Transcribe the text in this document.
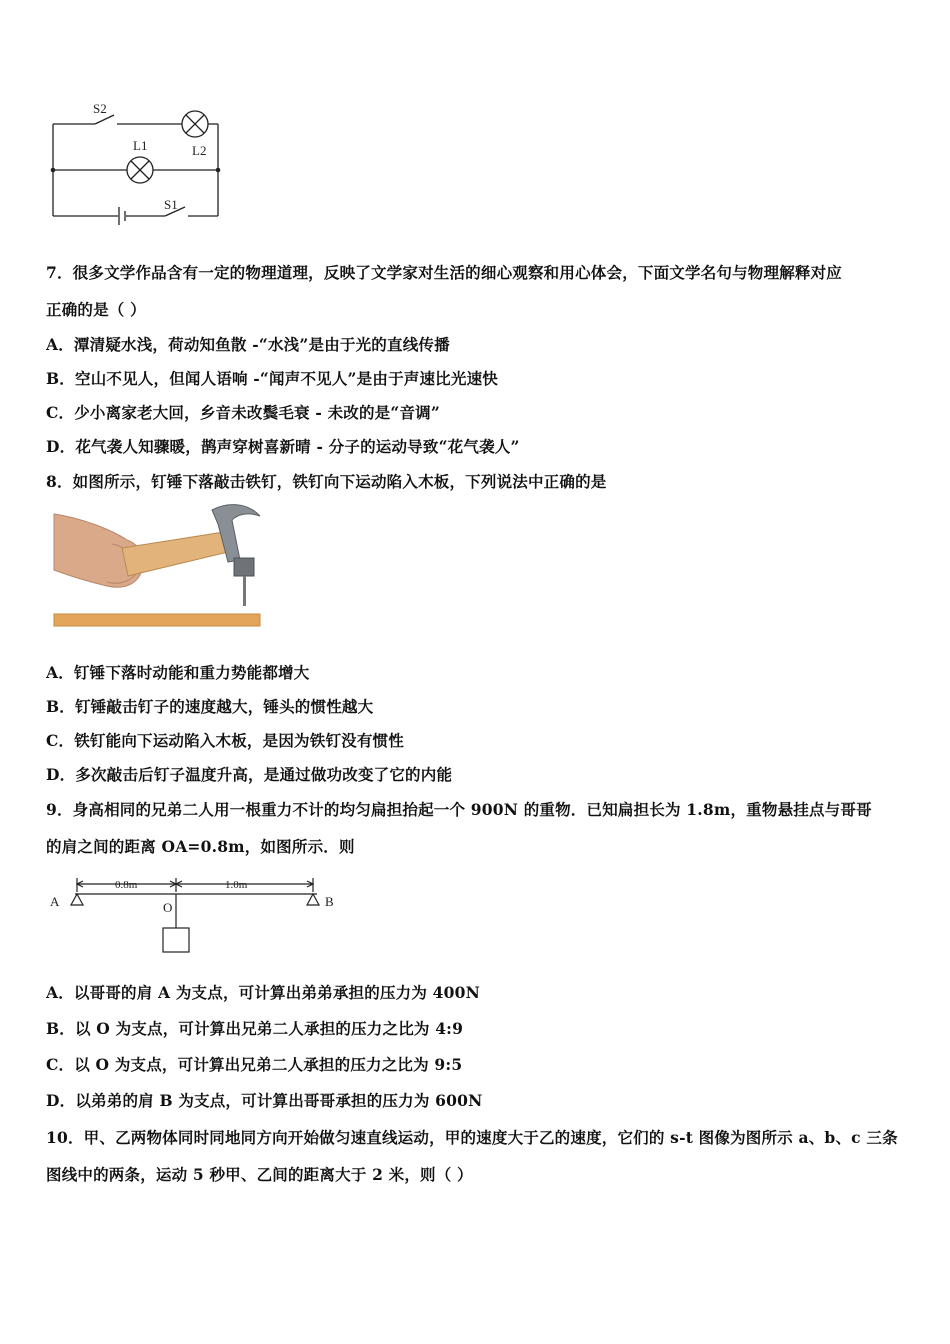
S2
S1
L1	L2
7．很多文学作品含有一定的物理道理，反映了文学家对生活的细心观察和用心体会，下面文学名句与物理解释对应
正确的是（ ）
A．潭清疑水浅，荷动知鱼散 -“水浅”是由于光的直线传播
B．空山不见人，但闻人语响 -“闻声不见人”是由于声速比光速快
C．少小离家老大回，乡音未改鬓毛衰 - 未改的是“音调”
D．花气袭人知骤暖，鹊声穿树喜新晴 - 分子的运动导致“花气袭人”
8．如图所示，钉锤下落敲击铁钉，铁钉向下运动陷入木板，下列说法中正确的是
A．钉锤下落时动能和重力势能都增大
B．钉锤敲击钉子的速度越大，锤头的惯性越大
C．铁钉能向下运动陷入木板，是因为铁钉没有惯性
D．多次敲击后钉子温度升高，是通过做功改变了它的内能
9．身高相同的兄弟二人用一根重力不计的均匀扁担抬起一个 900N 的重物．已知扁担长为 1.8m，重物悬挂点与哥哥
的肩之间的距离 OA=0.8m，如图所示．则
0.8m	1.0m
A	B
O
A．以哥哥的肩 A 为支点，可计算出弟弟承担的压力为 400N
B．以 O 为支点，可计算出兄弟二人承担的压力之比为 4:9
C．以 O 为支点，可计算出兄弟二人承担的压力之比为 9:5
D．以弟弟的肩 B 为支点，可计算出哥哥承担的压力为 600N
10．甲、乙两物体同时同地同方向开始做匀速直线运动，甲的速度大于乙的速度，它们的 s-t 图像为图所示 a、b、c 三条
图线中的两条，运动 5 秒甲、乙间的距离大于 2 米，则（ ）
